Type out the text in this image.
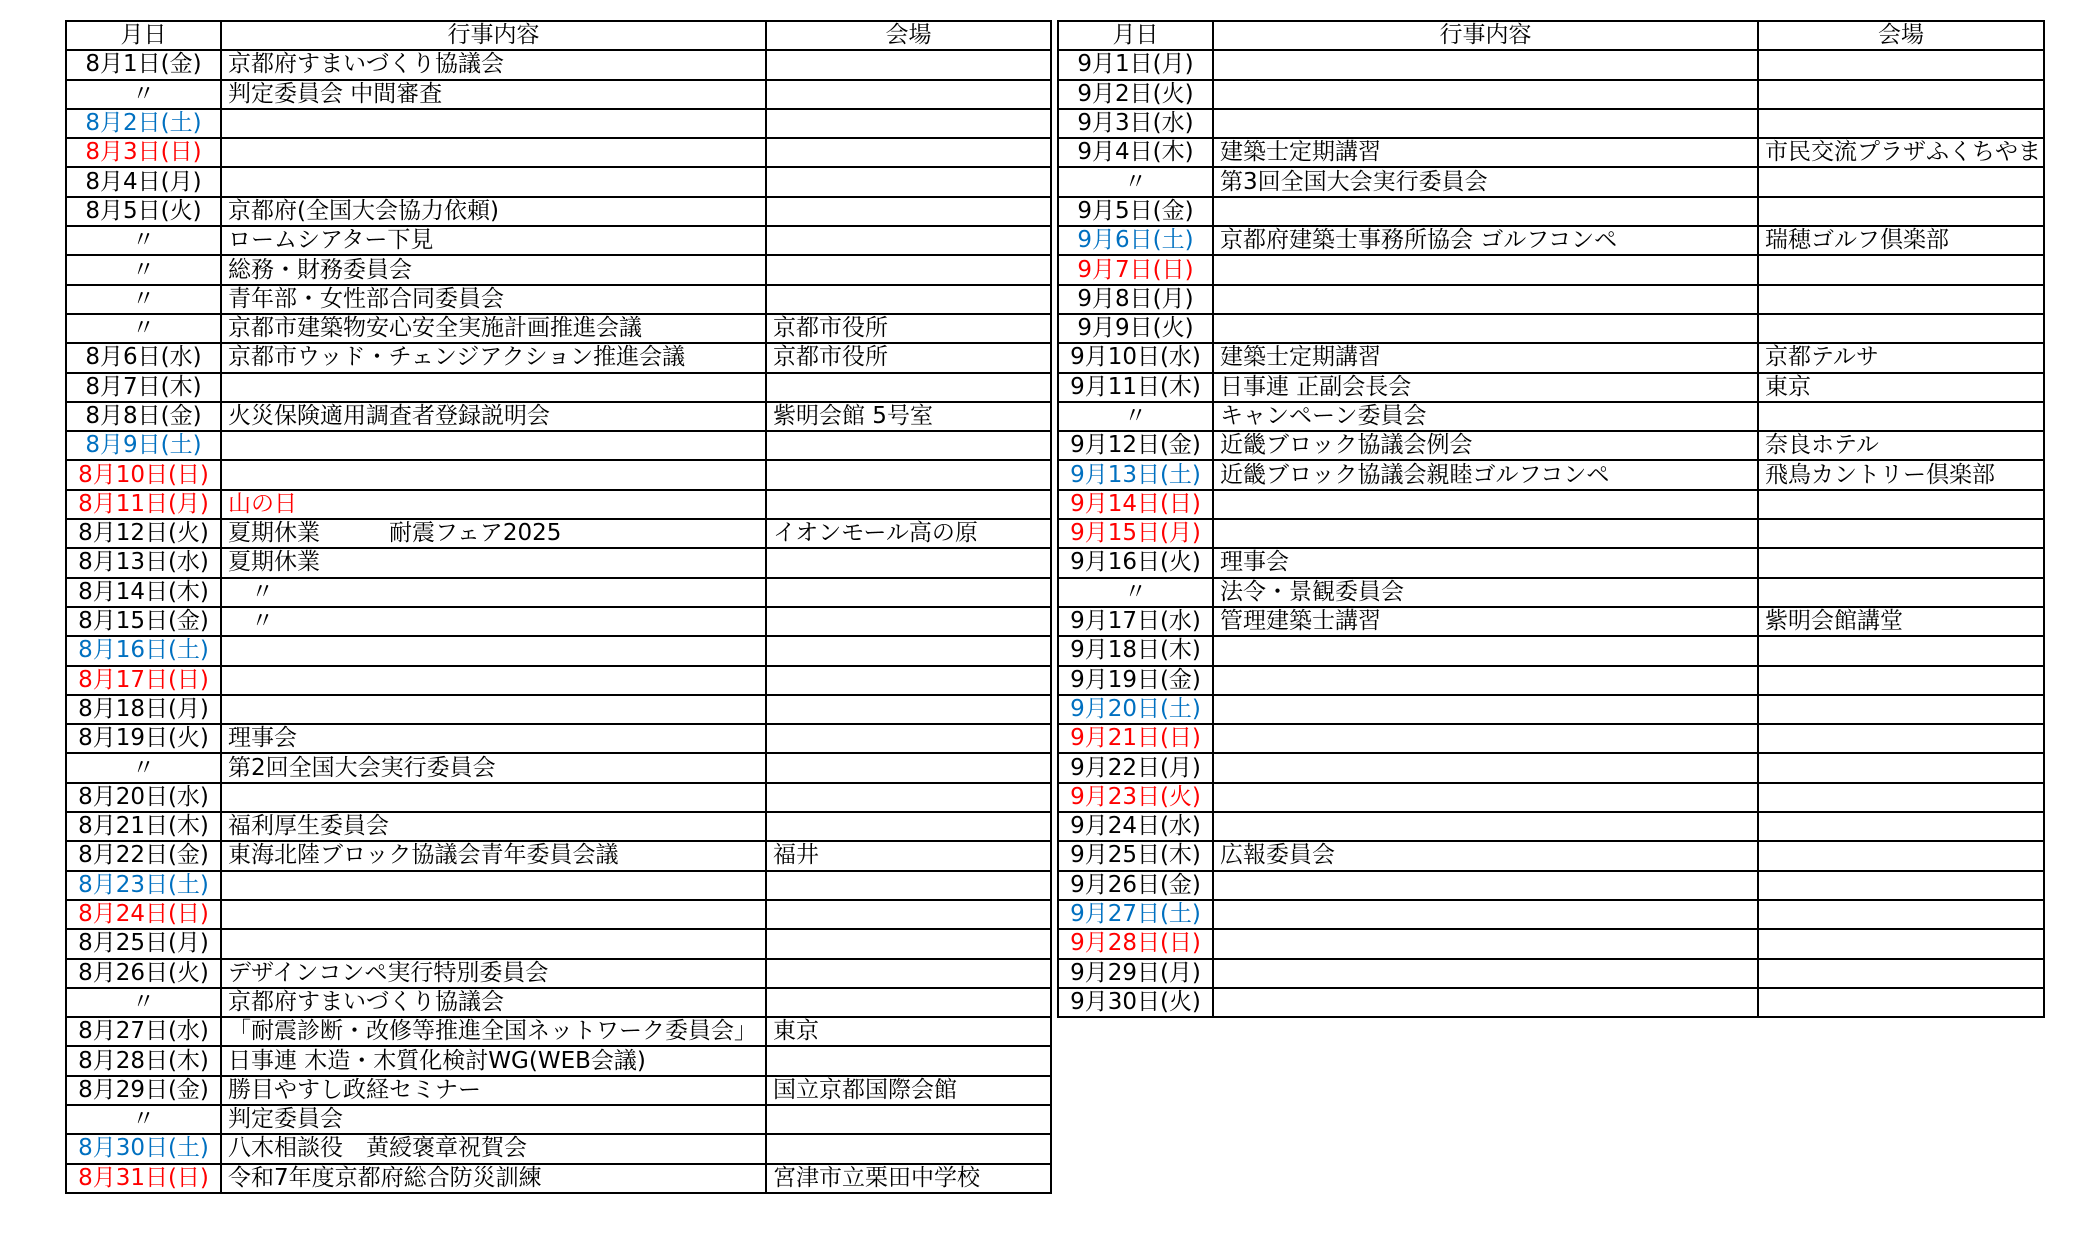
月日	行事内容	会場
8月1日(金)	京都府すまいづくり協議会	
〃	判定委員会 中間審査	
8月2日(土)		
8月3日(日)		
8月4日(月)		
8月5日(火)	京都府(全国大会協力依頼)	
〃	ロームシアター下見	
〃	総務・財務委員会	
〃	青年部・女性部合同委員会	
〃	京都市建築物安心安全実施計画推進会議	京都市役所
8月6日(水)	京都市ウッド・チェンジアクション推進会議	京都市役所
8月7日(木)		
8月8日(金)	火災保険適用調査者登録説明会	紫明会館 5号室
8月9日(土)		
8月10日(日)		
8月11日(月)	山の日	
8月12日(火)	夏期休業　　　耐震フェア2025	イオンモール高の原
8月13日(水)	夏期休業	
8月14日(木)	　〃	
8月15日(金)	　〃	
8月16日(土)		
8月17日(日)		
8月18日(月)		
8月19日(火)	理事会	
〃	第2回全国大会実行委員会	
8月20日(水)		
8月21日(木)	福利厚生委員会	
8月22日(金)	東海北陸ブロック協議会青年委員会議	福井
8月23日(土)		
8月24日(日)		
8月25日(月)		
8月26日(火)	デザインコンペ実行特別委員会	
〃	京都府すまいづくり協議会	
8月27日(水)	「耐震診断・改修等推進全国ネットワーク委員会」	東京
8月28日(木)	日事連 木造・木質化検討WG(WEB会議)	
8月29日(金)	勝目やすし政経セミナー	国立京都国際会館
〃	判定委員会	
8月30日(土)	八木相談役　黄綬褒章祝賀会	
8月31日(日)	令和7年度京都府総合防災訓練	宮津市立栗田中学校
月日	行事内容	会場
9月1日(月)		
9月2日(火)		
9月3日(水)		
9月4日(木)	建築士定期講習	市民交流プラザふくちやま
〃	第3回全国大会実行委員会	
9月5日(金)		
9月6日(土)	京都府建築士事務所協会 ゴルフコンペ	瑞穂ゴルフ倶楽部
9月7日(日)		
9月8日(月)		
9月9日(火)		
9月10日(水)	建築士定期講習	京都テルサ
9月11日(木)	日事連 正副会長会	東京
〃	キャンペーン委員会	
9月12日(金)	近畿ブロック協議会例会	奈良ホテル
9月13日(土)	近畿ブロック協議会親睦ゴルフコンペ	飛鳥カントリー倶楽部
9月14日(日)		
9月15日(月)		
9月16日(火)	理事会	
〃	法令・景観委員会	
9月17日(水)	管理建築士講習	紫明会館講堂
9月18日(木)		
9月19日(金)		
9月20日(土)		
9月21日(日)		
9月22日(月)		
9月23日(火)		
9月24日(水)		
9月25日(木)	広報委員会	
9月26日(金)		
9月27日(土)		
9月28日(日)		
9月29日(月)		
9月30日(火)		
